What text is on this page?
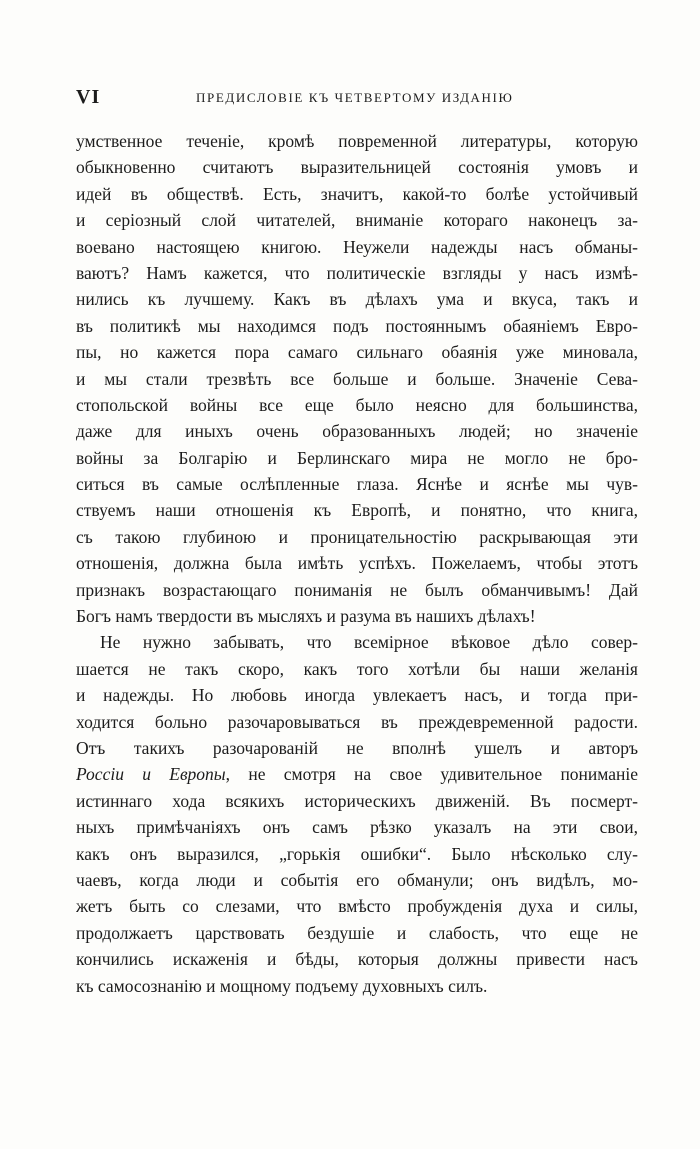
VI	ПРЕДИСЛОВІЕ КЪ ЧЕТВЕРТОМУ ИЗДАНІЮ
умственное теченіе, кромѣ повременной литературы, которую
обыкновенно считаютъ выразительницей состоянія умовъ и
идей въ обществѣ. Есть, значитъ, какой-то болѣе устойчивый
и серіозный слой читателей, вниманіе котораго наконецъ за-
воевано настоящею книгою. Неужели надежды насъ обманы-
ваютъ? Намъ кажется, что политическіе взгляды у насъ измѣ-
нились къ лучшему. Какъ въ дѣлахъ ума и вкуса, такъ и
въ политикѣ мы находимся подъ постояннымъ обаяніемъ Евро-
пы, но кажется пора самаго сильнаго обаянія уже миновала,
и мы стали трезвѣть все больше и больше. Значеніе Сева-
стопольской войны все еще было неясно для большинства,
даже для иныхъ очень образованныхъ людей; но значеніе
войны за Болгарію и Берлинскаго мира не могло не бро-
ситься въ самые ослѣпленные глаза. Яснѣе и яснѣе мы чув-
ствуемъ наши отношенія къ Европѣ, и понятно, что книга,
съ такою глубиною и проницательностію раскрывающая эти
отношенія, должна была имѣть успѣхъ. Пожелаемъ, чтобы этотъ
признакъ возрастающаго пониманія не былъ обманчивымъ! Дай
Богъ намъ твердости въ мысляхъ и разума въ нашихъ дѣлахъ!
Не нужно забывать, что всемірное вѣковое дѣло совер-
шается не такъ скоро, какъ того хотѣли бы наши желанія
и надежды. Но любовь иногда увлекаетъ насъ, и тогда при-
ходится больно разочаровываться въ преждевременной радости.
Отъ такихъ разочарованій не вполнѣ ушелъ и авторъ
Россіи и Европы, не смотря на свое удивительное пониманіе
истиннаго хода всякихъ историческихъ движеній. Въ посмерт-
ныхъ примѣчаніяхъ онъ самъ рѣзко указалъ на эти свои,
какъ онъ выразился, „горькія ошибки“. Было нѣсколько слу-
чаевъ, когда люди и событія его обманули; онъ видѣлъ, мо-
жетъ быть со слезами, что вмѣсто пробужденія духа и силы,
продолжаетъ царствовать бездушіе и слабость, что еще не
кончились искаженія и бѣды, которыя должны привести насъ
къ самосознанію и мощному подъему духовныхъ силъ.
